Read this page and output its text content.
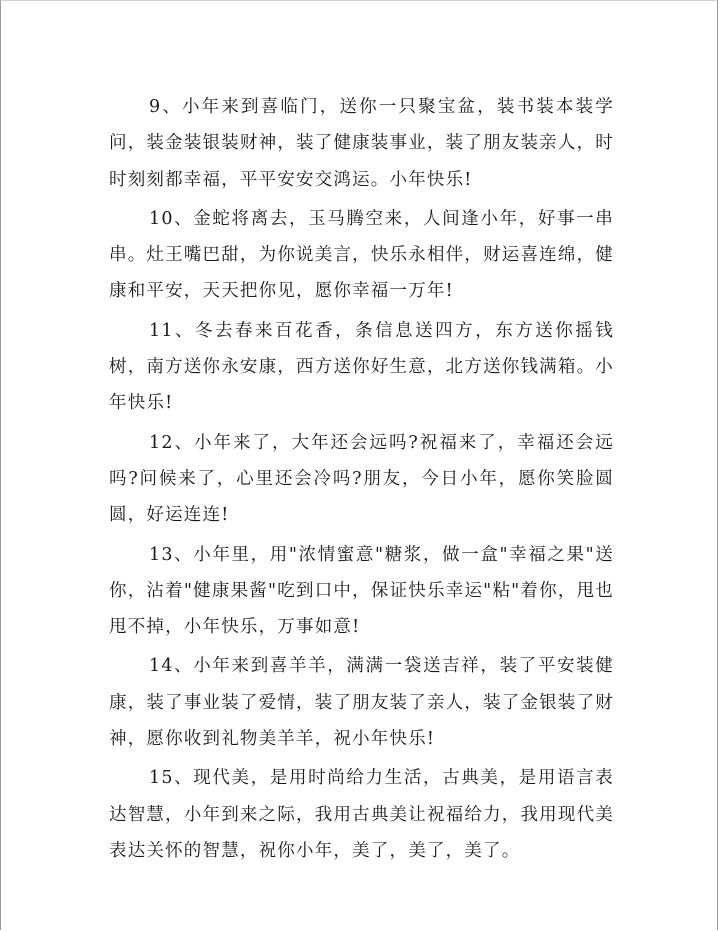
9、小年来到喜临门，送你一只聚宝盆，装书装本装学问，装金装银装财神，装了健康装事业，装了朋友装亲人，时时刻刻都幸福，平平安安交鸿运。小年快乐!

10、金蛇将离去，玉马腾空来，人间逢小年，好事一串串。灶王嘴巴甜，为你说美言，快乐永相伴，财运喜连绵，健康和平安，天天把你见，愿你幸福一万年!

11、冬去春来百花香，条信息送四方，东方送你摇钱树，南方送你永安康，西方送你好生意，北方送你钱满箱。小年快乐!

12、小年来了，大年还会远吗?祝福来了，幸福还会远吗?问候来了，心里还会冷吗?朋友，今日小年，愿你笑脸圆圆，好运连连!

13、小年里，用"浓情蜜意"糖浆，做一盒"幸福之果"送你，沾着"健康果酱"吃到口中，保证快乐幸运"粘"着你，甩也甩不掉，小年快乐，万事如意!

14、小年来到喜羊羊，满满一袋送吉祥，装了平安装健康，装了事业装了爱情，装了朋友装了亲人，装了金银装了财神，愿你收到礼物美羊羊，祝小年快乐!

15、现代美，是用时尚给力生活，古典美，是用语言表达智慧，小年到来之际，我用古典美让祝福给力，我用现代美表达关怀的智慧，祝你小年，美了，美了，美了。
